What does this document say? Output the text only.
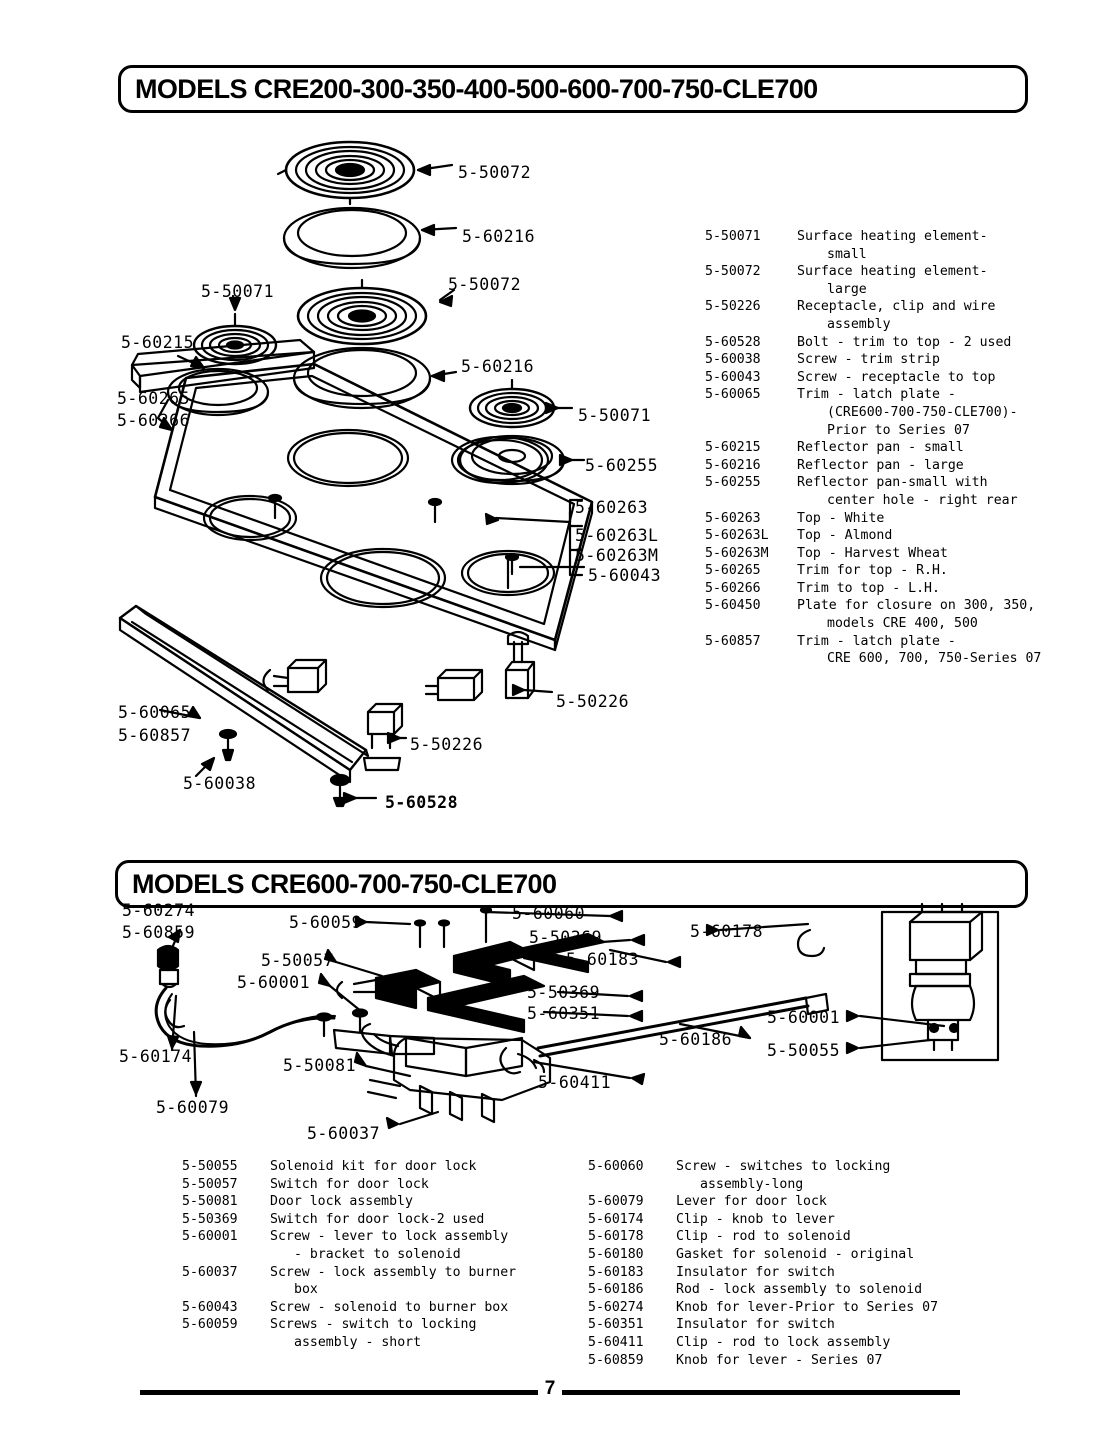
MODELS CRE200-300-350-400-500-600-700-750-CLE700
5-50072
5-60216
5-50071	5-50072
5-60215
5-60216
5-50071
5-60265
5-60266
5-60255
5-60263
5-60263L
5-60263M
5-60043
5-50226
5-60065
5-60857	5-50226
5-60038
5-60528
5-50071	Surface heating element-
small
5-50072	Surface heating element-
large
5-50226	Receptacle, clip and wire
assembly
5-60528	Bolt - trim to top - 2 used
5-60038	Screw - trim strip
5-60043	Screw - receptacle to top
5-60065	Trim - latch plate -
(CRE600-700-750-CLE700)-
Prior to Series 07
5-60215	Reflector pan - small
5-60216	Reflector pan - large
5-60255	Reflector pan-small with
center hole - right rear
5-60263	Top - White
5-60263L	Top - Almond
5-60263M	Top - Harvest Wheat
5-60265	Trim for top - R.H.
5-60266	Trim to top - L.H.
5-60450	Plate for closure on 300, 350,
models CRE 400, 500
5-60857	Trim - latch plate -
CRE 600, 700, 750-Series 07
MODELS CRE600-700-750-CLE700
5-60274
5-60859
5-60059	5-60060
5-50369	5-60178
5-50057	5-60183
5-60001
5-50369
5-60351	5-60001
5-60186
5-50055
5-60174	5-50081
5-60411
5-60079
5-60037
5-50055	Solenoid kit for door lock
5-50057	Switch for door lock
5-50081	Door lock assembly
5-50369	Switch for door lock-2 used
5-60001	Screw - lever to lock assembly
- bracket to solenoid
5-60037	Screw - lock assembly to burner
box
5-60043	Screw - solenoid to burner box
5-60059	Screws - switch to locking
assembly - short
5-60060	Screw - switches to locking
assembly-long
5-60079	Lever for door lock
5-60174	Clip - knob to lever
5-60178	Clip - rod to solenoid
5-60180	Gasket for solenoid - original
5-60183	Insulator for switch
5-60186	Rod - lock assembly to solenoid
5-60274	Knob for lever-Prior to Series 07
5-60351	Insulator for switch
5-60411	Clip - rod to lock assembly
5-60859	Knob for lever - Series 07
7
